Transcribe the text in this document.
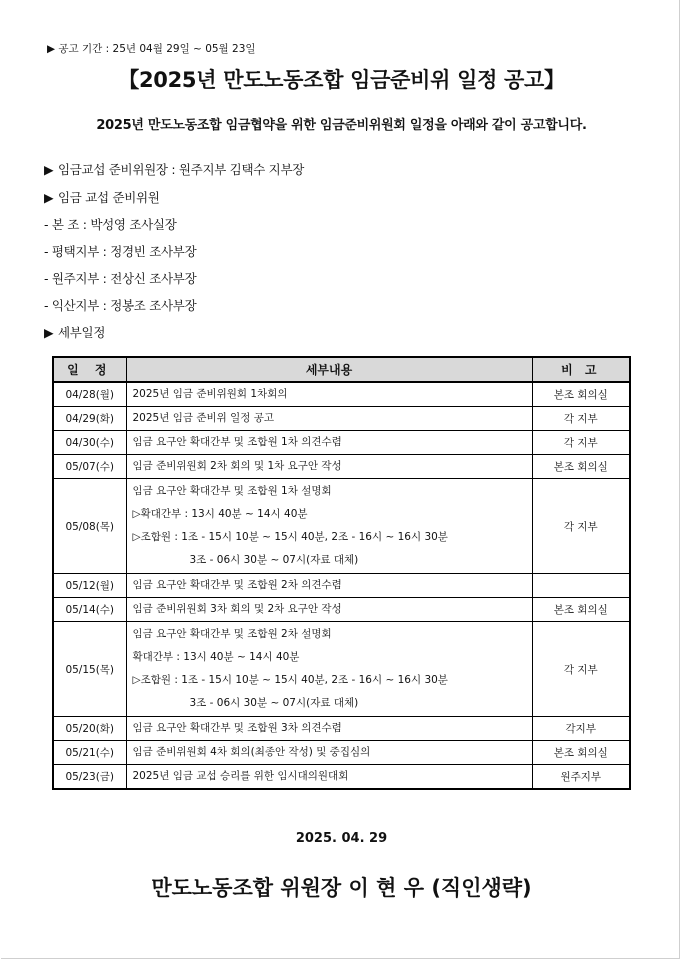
▶ 공고 기간 : 25년 04월 29일 ~ 05월 23일
【2025년 만도노동조합 임금준비위 일정 공고】
2025년 만도노동조합 임금협약을 위한 임금준비위원회 일정을 아래와 같이 공고합니다.
▶ 임금교섭 준비위원장 : 원주지부 김택수 지부장
▶ 임금 교섭 준비위원
- 본 조 : 박성영 조사실장
- 평택지부 : 정경빈 조사부장
- 원주지부 : 전상신 조사부장
- 익산지부 : 정봉조 조사부장
▶ 세부일정
일 정	세부내용	비 고
04/28(월)	2025년 임금 준비위원회 1차회의	본조 회의실
04/29(화)	2025년 임금 준비위 일정 공고	각 지부
04/30(수)	임금 요구안 확대간부 및 조합원 1차 의견수렴	각 지부
05/07(수)	임금 준비위원회 2차 회의 및 1차 요구안 작성	본조 회의실
05/08(목)	임금 요구안 확대간부 및 조합원 1차 설명회
▷확대간부 : 13시 40분 ~ 14시 40분
▷조합원 : 1조 - 15시 10분 ~ 15시 40분, 2조 - 16시 ~ 16시 30분
3조 - 06시 30분 ~ 07시(자료 대체)	각 지부
05/12(월)	임금 요구안 확대간부 및 조합원 2차 의견수렴	

05/14(수)	임금 준비위원회 3차 회의 및 2차 요구안 작성	본조 회의실
05/15(목)	임금 요구안 확대간부 및 조합원 2차 설명회
확대간부 : 13시 40분 ~ 14시 40분
▷조합원 : 1조 - 15시 10분 ~ 15시 40분, 2조 - 16시 ~ 16시 30분
3조 - 06시 30분 ~ 07시(자료 대체)	각 지부
05/20(화)	임금 요구안 확대간부 및 조합원 3차 의견수렴	각지부
05/21(수)	임금 준비위원회 4차 회의(최종안 작성) 및 중집심의	본조 회의실
05/23(금)	2025년 임금 교섭 승리를 위한 임시대의원대회	원주지부
2025. 04. 29
만도노동조합 위원장 이 현 우 (직인생략)
